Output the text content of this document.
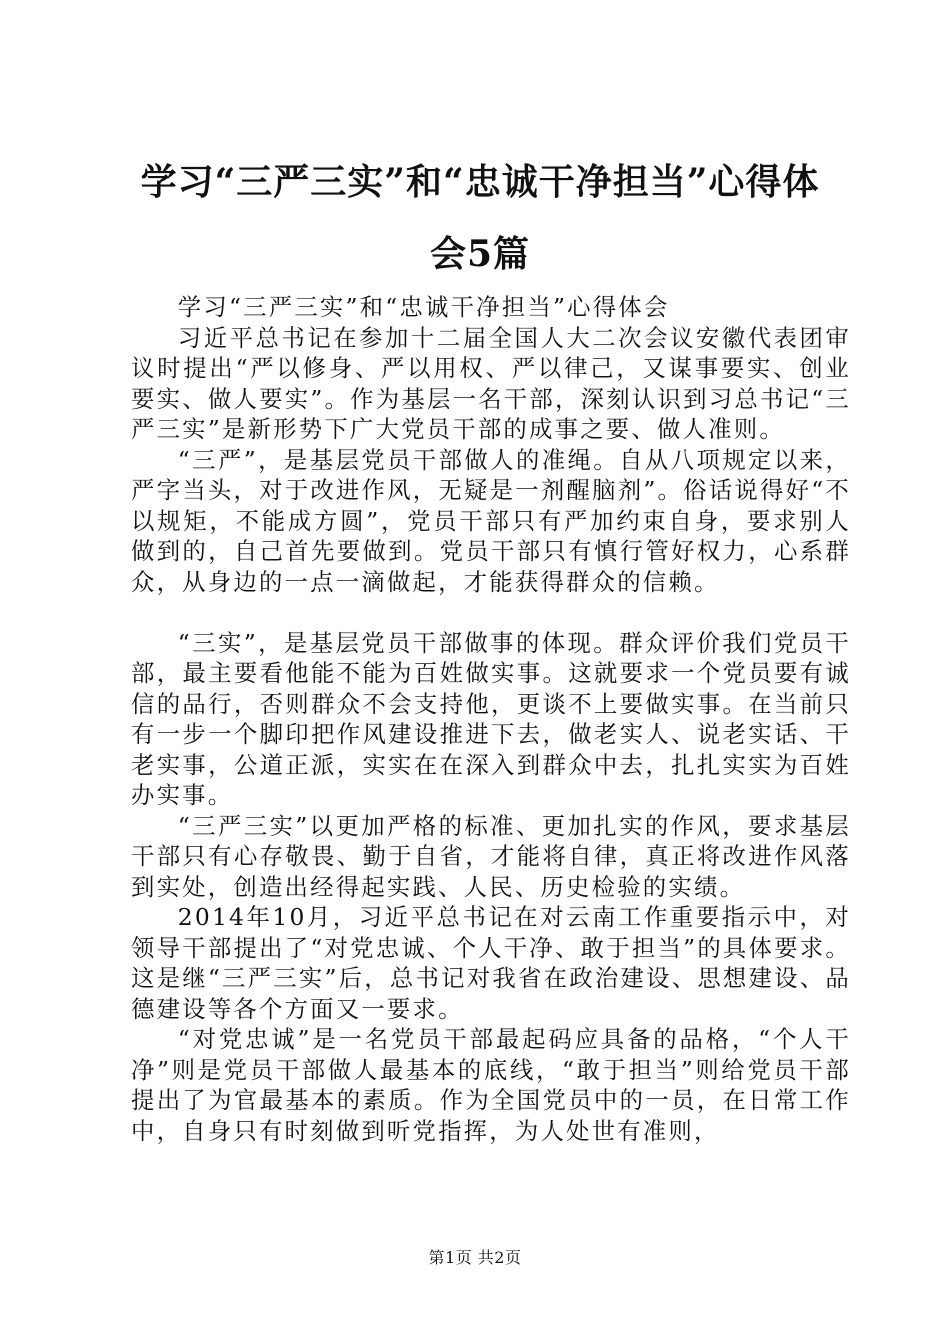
学习“三严三实”和“忠诚干净担当”心得体
会5篇

学习“三严三实”和“忠诚干净担当”心得体会

习近平总书记在参加十二届全国人大二次会议安徽代表团审议时提出“严以修身、严以用权、严以律己，又谋事要实、创业要实、做人要实”。作为基层一名干部，深刻认识到习总书记“三严三实”是新形势下广大党员干部的成事之要、做人准则。

“三严”，是基层党员干部做人的准绳。自从八项规定以来，严字当头，对于改进作风，无疑是一剂醒脑剂”。俗话说得好“不以规矩，不能成方圆”，党员干部只有严加约束自身，要求别人做到的，自己首先要做到。党员干部只有慎行管好权力，心系群众，从身边的一点一滴做起，才能获得群众的信赖。

“三实”，是基层党员干部做事的体现。群众评价我们党员干部，最主要看他能不能为百姓做实事。这就要求一个党员要有诚信的品行，否则群众不会支持他，更谈不上要做实事。在当前只有一步一个脚印把作风建设推进下去，做老实人、说老实话、干老实事，公道正派，实实在在深入到群众中去，扎扎实实为百姓办实事。

“三严三实”以更加严格的标准、更加扎实的作风，要求基层干部只有心存敬畏、勤于自省，才能将自律，真正将改进作风落到实处，创造出经得起实践、人民、历史检验的实绩。

2014年10月，习近平总书记在对云南工作重要指示中，对领导干部提出了“对党忠诚、个人干净、敢于担当”的具体要求。这是继“三严三实”后，总书记对我省在政治建设、思想建设、品德建设等各个方面又一要求。

“对党忠诚”是一名党员干部最起码应具备的品格，“个人干净”则是党员干部做人最基本的底线，“敢于担当”则给党员干部提出了为官最基本的素质。作为全国党员中的一员，在日常工作中，自身只有时刻做到听党指挥，为人处世有准则，

第1页 共2页
